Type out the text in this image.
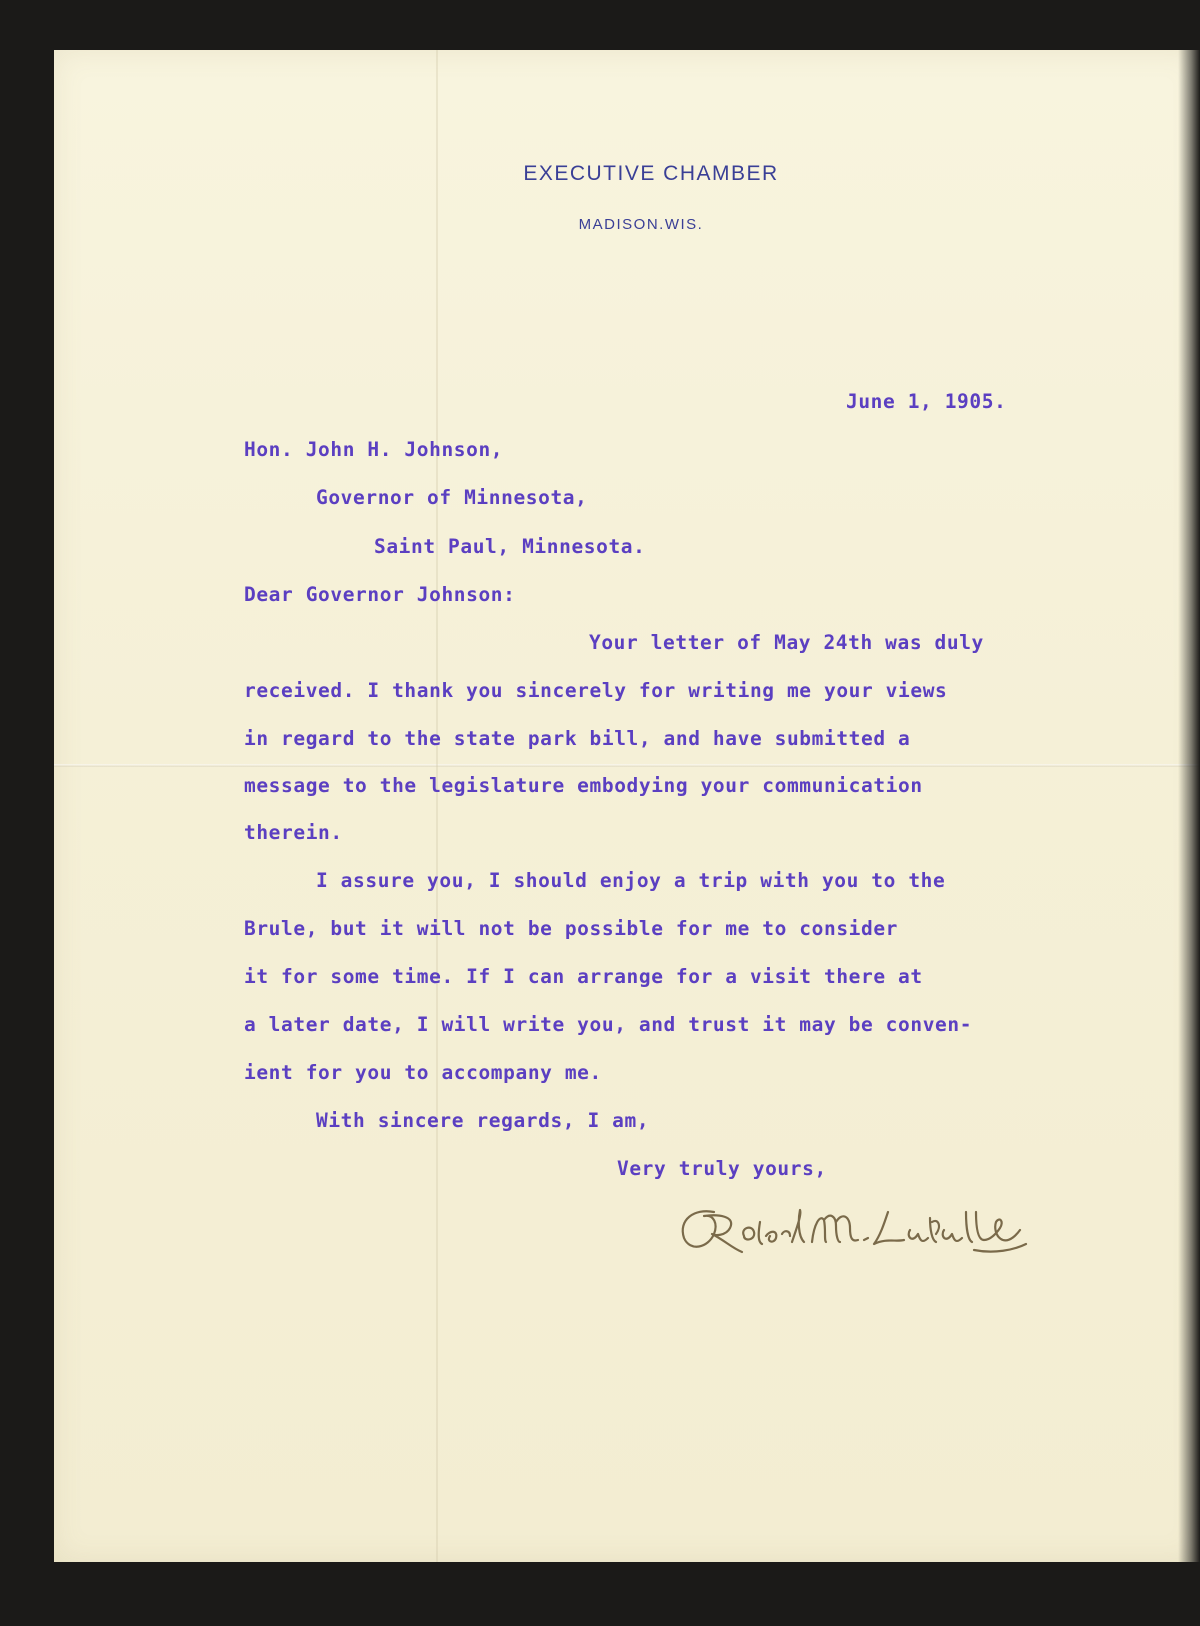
EXECUTIVE CHAMBER
MADISON.WIS.
June 1, 1905.
Hon. John H. Johnson,
Governor of Minnesota,
Saint Paul, Minnesota.
Dear Governor Johnson:
Your letter of May 24th was duly
received. I thank you sincerely for writing me your views
in regard to the state park bill, and have submitted a
message to the legislature embodying your communication
therein.
I assure you, I should enjoy a trip with you to the
Brule, but it will not be possible for me to consider
it for some time. If I can arrange for a visit there at
a later date, I will write you, and trust it may be conven-
ient for you to accompany me.
With sincere regards, I am,
Very truly yours,
